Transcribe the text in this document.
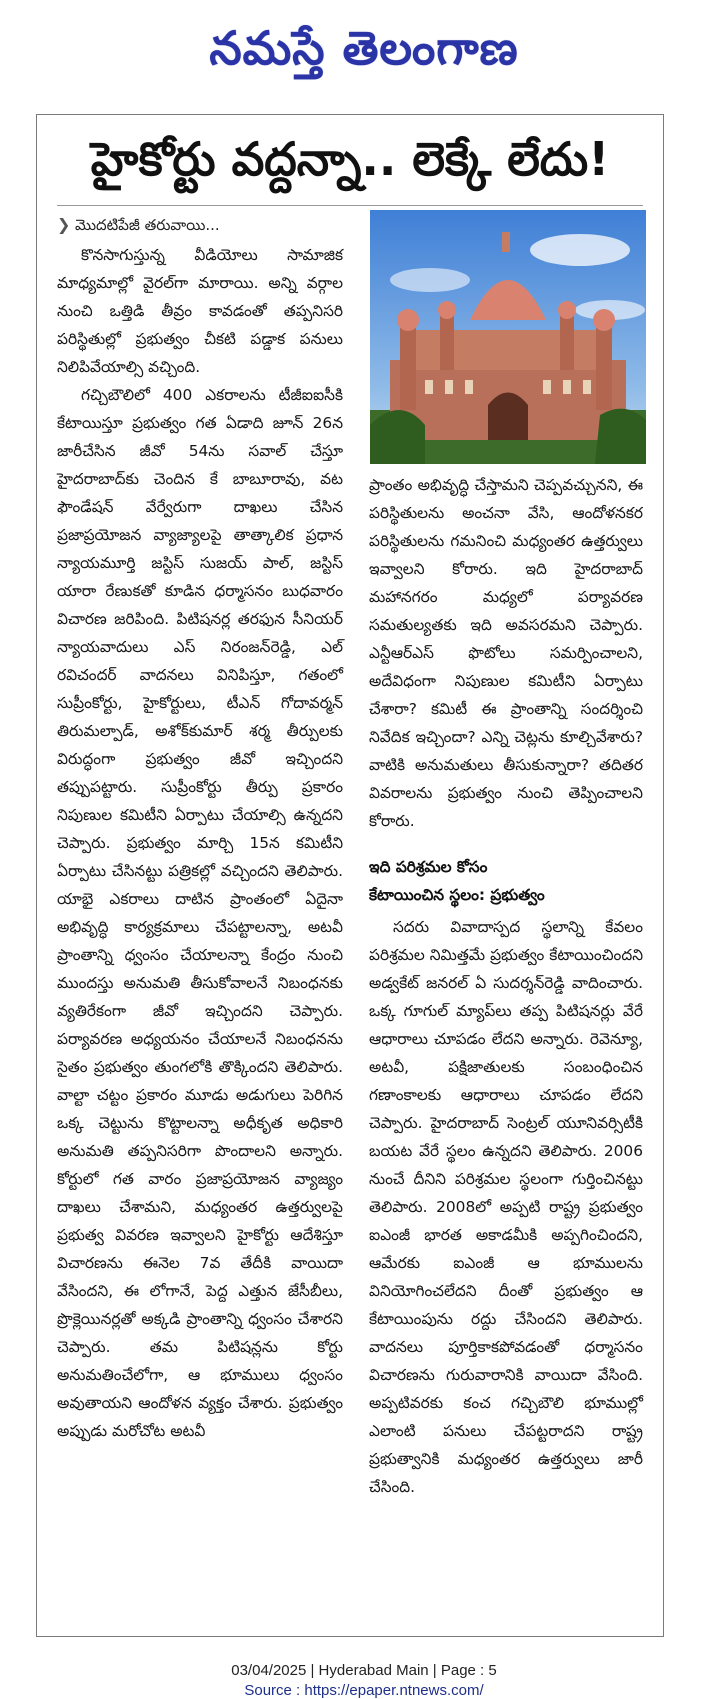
నమస్తే తెలంగాణ
హైకోర్టు వద్దన్నా.. లెక్కే లేదు!

❯ మొదటిపేజీ తరువాయి...

కొనసాగుస్తున్న వీడియోలు సామాజిక మాధ్యమాల్లో వైరల్‌గా మారాయి. అన్ని వర్గాల నుంచి ఒత్తిడి తీవ్రం కావడంతో తప్పనిసరి పరిస్థితుల్లో ప్రభుత్వం చీకటి పడ్డాక పనులు నిలిపివేయాల్సి వచ్చింది.

గచ్చిబౌలిలో 400 ఎకరాలను టీజీఐఐసీకి కేటాయిస్తూ ప్రభుత్వం గత ఏడాది జూన్‌ 26న జారీచేసిన జీవో 54ను సవాల్‌ చేస్తూ హైదరాబాద్‌కు చెందిన కే బాబూరావు, వట ఫౌండేషన్‌ వేర్వేరుగా దాఖలు చేసిన ప్రజాప్రయోజన వ్యాజ్యాలపై తాత్కాలిక ప్రధాన న్యాయమూర్తి జస్టిస్‌ సుజయ్‌ పాల్‌, జస్టిస్‌ యారా రేణుకతో కూడిన ధర్మాసనం బుధవారం విచారణ జరిపింది. పిటిషనర్ల తరఫున సీనియర్‌ న్యాయవాదులు ఎస్‌ నిరంజన్‌రెడ్డి, ఎల్‌ రవిచందర్‌ వాదనలు వినిపిస్తూ, గతంలో సుప్రీంకోర్టు, హైకోర్టులు, టీఎన్‌ గోదావర్మన్‌ తిరుమల్పాడ్‌, అశోక్‌కుమార్‌ శర్మ తీర్పులకు విరుద్ధంగా ప్రభుత్వం జీవో ఇచ్చిందని తప్పుపట్టారు. సుప్రీంకోర్టు తీర్పు ప్రకారం నిపుణుల కమిటీని ఏర్పాటు చేయాల్సి ఉన్నదని చెప్పారు. ప్రభుత్వం మార్చి 15న కమిటీని ఏర్పాటు చేసినట్టు పత్రికల్లో వచ్చిందని తెలిపారు. యాభై ఎకరాలు దాటిన ప్రాంతంలో ఏదైనా అభివృద్ధి కార్యక్రమాలు చేపట్టాలన్నా, అటవీ ప్రాంతాన్ని ధ్వంసం చేయాలన్నా కేంద్రం నుంచి ముందస్తు అనుమతి తీసుకోవాలనే నిబంధనకు వ్యతిరేకంగా జీవో ఇచ్చిందని చెప్పారు. పర్యావరణ అధ్యయనం చేయాలనే నిబంధనను సైతం ప్రభుత్వం తుంగలోకి తొక్కిందని తెలిపారు. వాల్టా చట్టం ప్రకారం మూడు అడుగులు పెరిగిన ఒక్క చెట్టును కొట్టాలన్నా అధీకృత అధికారి అనుమతి తప్పనిసరిగా పొందాలని అన్నారు. కోర్టులో గత వారం ప్రజాప్రయోజన వ్యాజ్యం దాఖలు చేశామని, మధ్యంతర ఉత్తర్వులపై ప్రభుత్వ వివరణ ఇవ్వాలని హైకోర్టు ఆదేశిస్తూ విచారణను ఈనెల 7వ తేదీకి వాయిదా వేసిందని, ఈ లోగానే, పెద్ద ఎత్తున జేసీబీలు, ప్రొక్లెయినర్లతో అక్కడి ప్రాంతాన్ని ధ్వంసం చేశారని చెప్పారు. తమ పిటిషన్లను కోర్టు అనుమతించేలోగా, ఆ భూములు ధ్వంసం అవుతాయని ఆందోళన వ్యక్తం చేశారు. ప్రభుత్వం అప్పుడు మరోచోట అటవీ

ప్రాంతం అభివృద్ధి చేస్తామని చెప్పవచ్చునని, ఈ పరిస్థితులను అంచనా వేసి, ఆందోళనకర పరిస్థితులను గమనించి మధ్యంతర ఉత్తర్వులు ఇవ్వాలని కోరారు. ఇది హైదరాబాద్‌ మహానగరం మధ్యలో పర్యావరణ సమతుల్యతకు ఇది అవసరమని చెప్పారు. ఎన్టీఆర్‌ఎస్‌ ఫొటోలు సమర్పించాలని, అదేవిధంగా నిపుణుల కమిటీని ఏర్పాటు చేశారా? కమిటీ ఈ ప్రాంతాన్ని సందర్శించి నివేదిక ఇచ్చిందా? ఎన్ని చెట్లను కూల్చివేశారు? వాటికి అనుమతులు తీసుకున్నారా? తదితర వివరాలను ప్రభుత్వం నుంచి తెప్పించాలని కోరారు.

ఇది పరిశ్రమల కోసం
కేటాయించిన స్థలం: ప్రభుత్వం

సదరు వివాదాస్పద స్థలాన్ని కేవలం పరిశ్రమల నిమిత్తమే ప్రభుత్వం కేటాయించిందని అడ్వకేట్‌ జనరల్‌ ఏ సుదర్శన్‌రెడ్డి వాదించారు. ఒక్క గూగుల్‌ మ్యాప్‌లు తప్ప పిటిషనర్లు వేరే ఆధారాలు చూపడం లేదని అన్నారు. రెవెన్యూ, అటవీ, పక్షిజాతులకు సంబంధించిన గణాంకాలకు ఆధారాలు చూపడం లేదని చెప్పారు. హైదరాబాద్‌ సెంట్రల్‌ యూనివర్సిటీకి బయట వేరే స్థలం ఉన్నదని తెలిపారు. 2006 నుంచే దీనిని పరిశ్రమల స్థలంగా గుర్తించినట్టు తెలిపారు. 2008లో అప్పటి రాష్ట్ర ప్రభుత్వం ఐఎంజీ భారత అకాడమీకి అప్పగించిందని, ఆమేరకు ఐఎంజీ ఆ భూములను వినియోగించలేదని దీంతో ప్రభుత్వం ఆ కేటాయింపును రద్దు చేసిందని తెలిపారు. వాదనలు పూర్తికాకపోవడంతో ధర్మాసనం విచారణను గురువారానికి వాయిదా వేసింది. అప్పటివరకు కంచ గచ్చిబౌలి భూముల్లో ఎలాంటి పనులు చేపట్టరాదని రాష్ట్ర ప్రభుత్వానికి మధ్యంతర ఉత్తర్వులు జారీ చేసింది.

03/04/2025 | Hyderabad Main | Page : 5
Source : https://epaper.ntnews.com/
